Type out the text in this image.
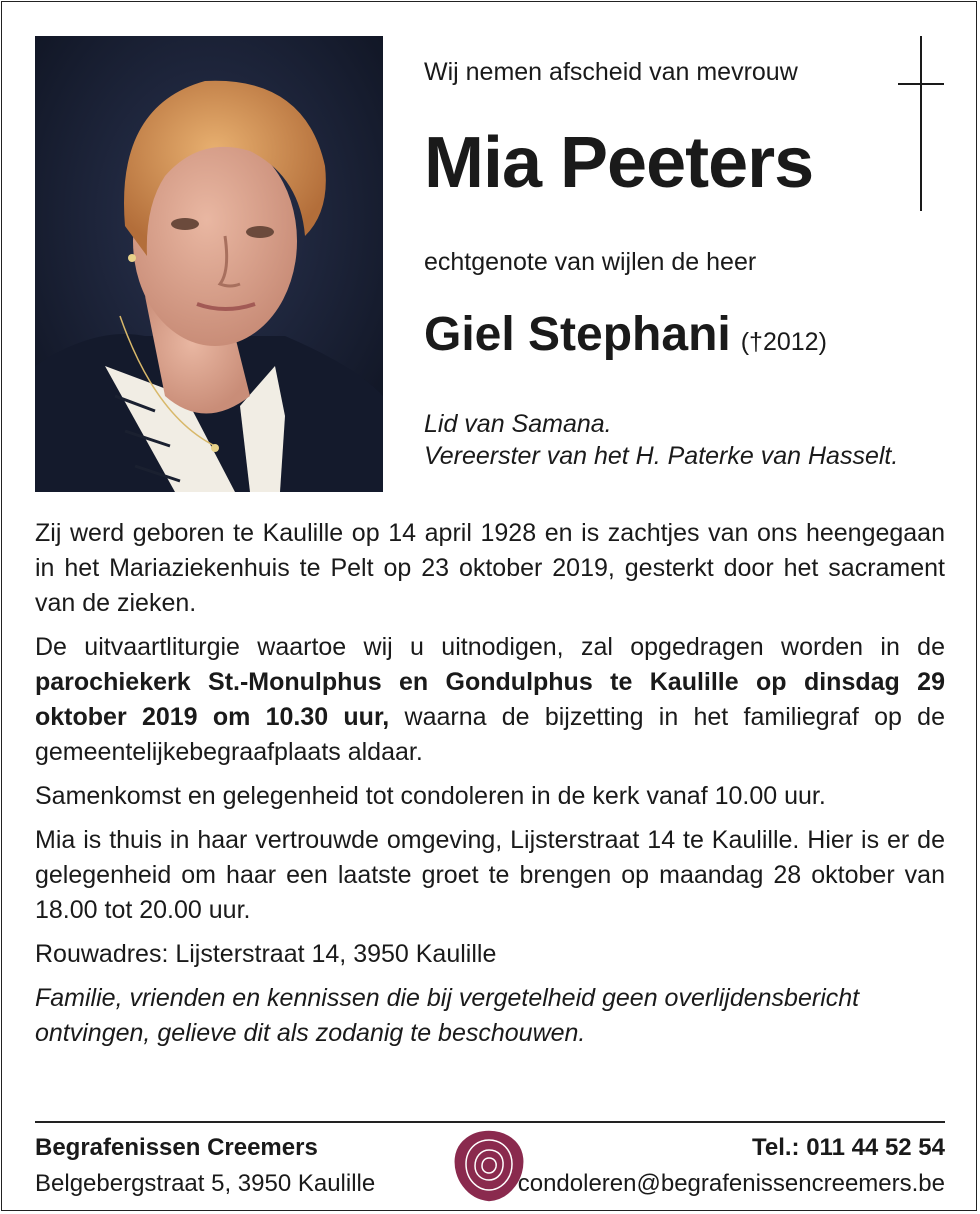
Wij nemen afscheid van mevrouw
Mia Peeters
echtgenote van wijlen de heer
Giel Stephani (†2012)
Lid van Samana.
Vereerster van het H. Paterke van Hasselt.

Zij werd geboren te Kaulille op 14 april 1928 en is zachtjes van ons heengegaan in het Mariaziekenhuis te Pelt op 23 oktober 2019, gesterkt door het sacrament van de zieken.

De uitvaartliturgie waartoe wij u uitnodigen, zal opgedragen worden in de parochiekerk St.-Monulphus en Gondulphus te Kaulille op dinsdag 29 oktober 2019 om 10.30 uur, waarna de bijzetting in het familiegraf op de gemeentelijkebegraafplaats aldaar.

Samenkomst en gelegenheid tot condoleren in de kerk vanaf 10.00 uur.

Mia is thuis in haar vertrouwde omgeving, Lijsterstraat 14 te Kaulille. Hier is er de gelegenheid om haar een laatste groet te brengen op maandag 28 oktober van 18.00 tot 20.00 uur.

Rouwadres: Lijsterstraat 14, 3950 Kaulille

Familie, vrienden en kennissen die bij vergetelheid geen overlijdensbericht ontvingen, gelieve dit als zodanig te beschouwen.

Begrafenissen Creemers
Belgebergstraat 5, 3950 Kaulille
Tel.: 011 44 52 54
condoleren@begrafenissencreemers.be
